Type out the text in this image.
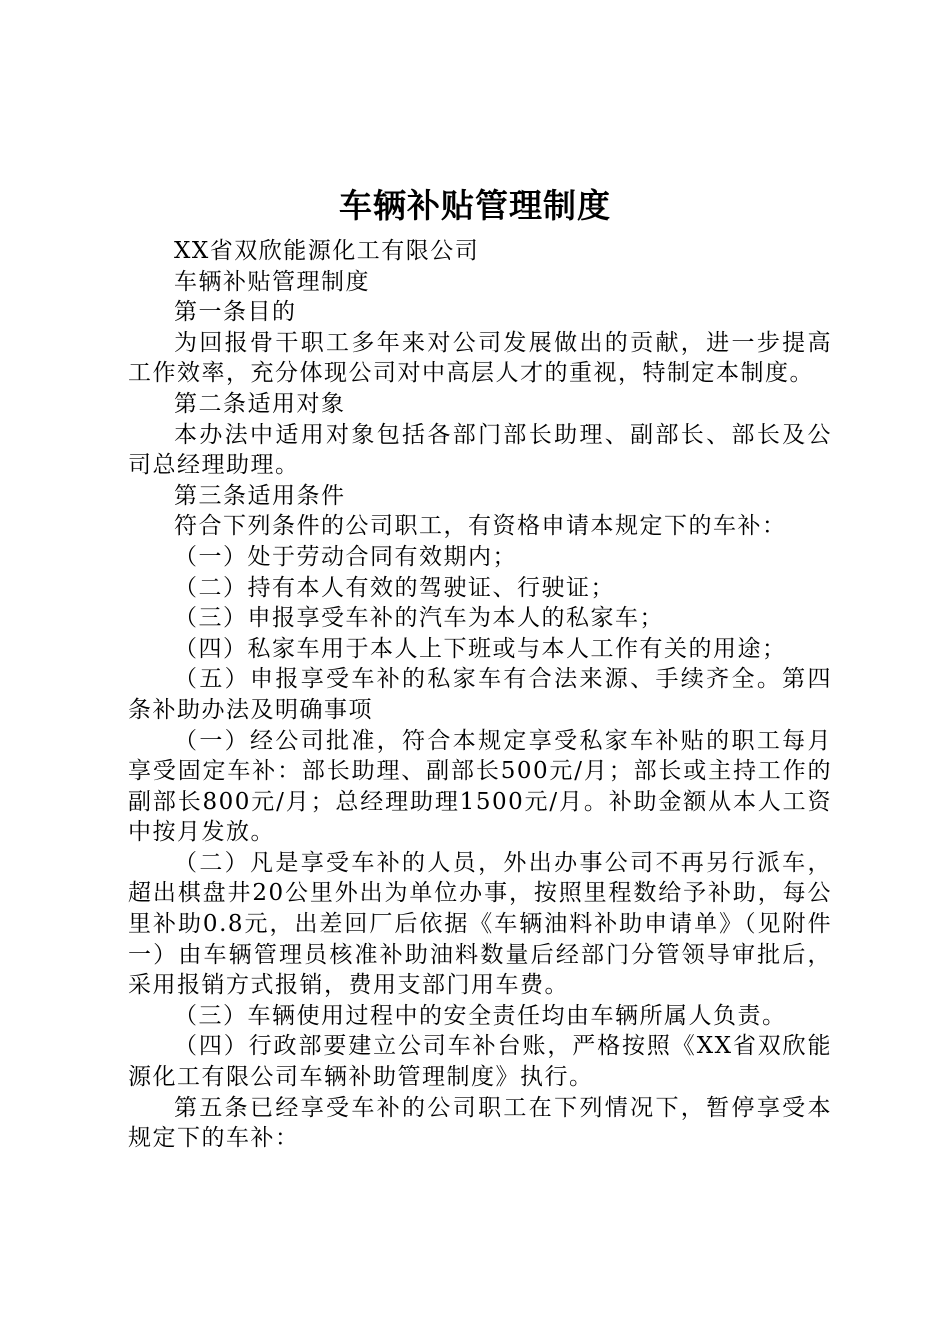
车辆补贴管理制度

XX省双欣能源化工有限公司

车辆补贴管理制度

第一条目的

为回报骨干职工多年来对公司发展做出的贡献，进一步提高工作效率，充分体现公司对中高层人才的重视，特制定本制度。

第二条适用对象

本办法中适用对象包括各部门部长助理、副部长、部长及公司总经理助理。

第三条适用条件

符合下列条件的公司职工，有资格申请本规定下的车补：

（一）处于劳动合同有效期内；

（二）持有本人有效的驾驶证、行驶证；

（三）申报享受车补的汽车为本人的私家车；

（四）私家车用于本人上下班或与本人工作有关的用途；

（五）申报享受车补的私家车有合法来源、手续齐全。第四条补助办法及明确事项

（一）经公司批准，符合本规定享受私家车补贴的职工每月享受固定车补：部长助理、副部长500元/月；部长或主持工作的副部长800元/月；总经理助理1500元/月。补助金额从本人工资中按月发放。

（二）凡是享受车补的人员，外出办事公司不再另行派车，超出棋盘井20公里外出为单位办事，按照里程数给予补助，每公里补助0.8元，出差回厂后依据《车辆油料补助申请单》（见附件一）由车辆管理员核准补助油料数量后经部门分管领导审批后，采用报销方式报销，费用支部门用车费。

（三）车辆使用过程中的安全责任均由车辆所属人负责。

（四）行政部要建立公司车补台账，严格按照《XX省双欣能源化工有限公司车辆补助管理制度》执行。

第五条已经享受车补的公司职工在下列情况下，暂停享受本规定下的车补：
